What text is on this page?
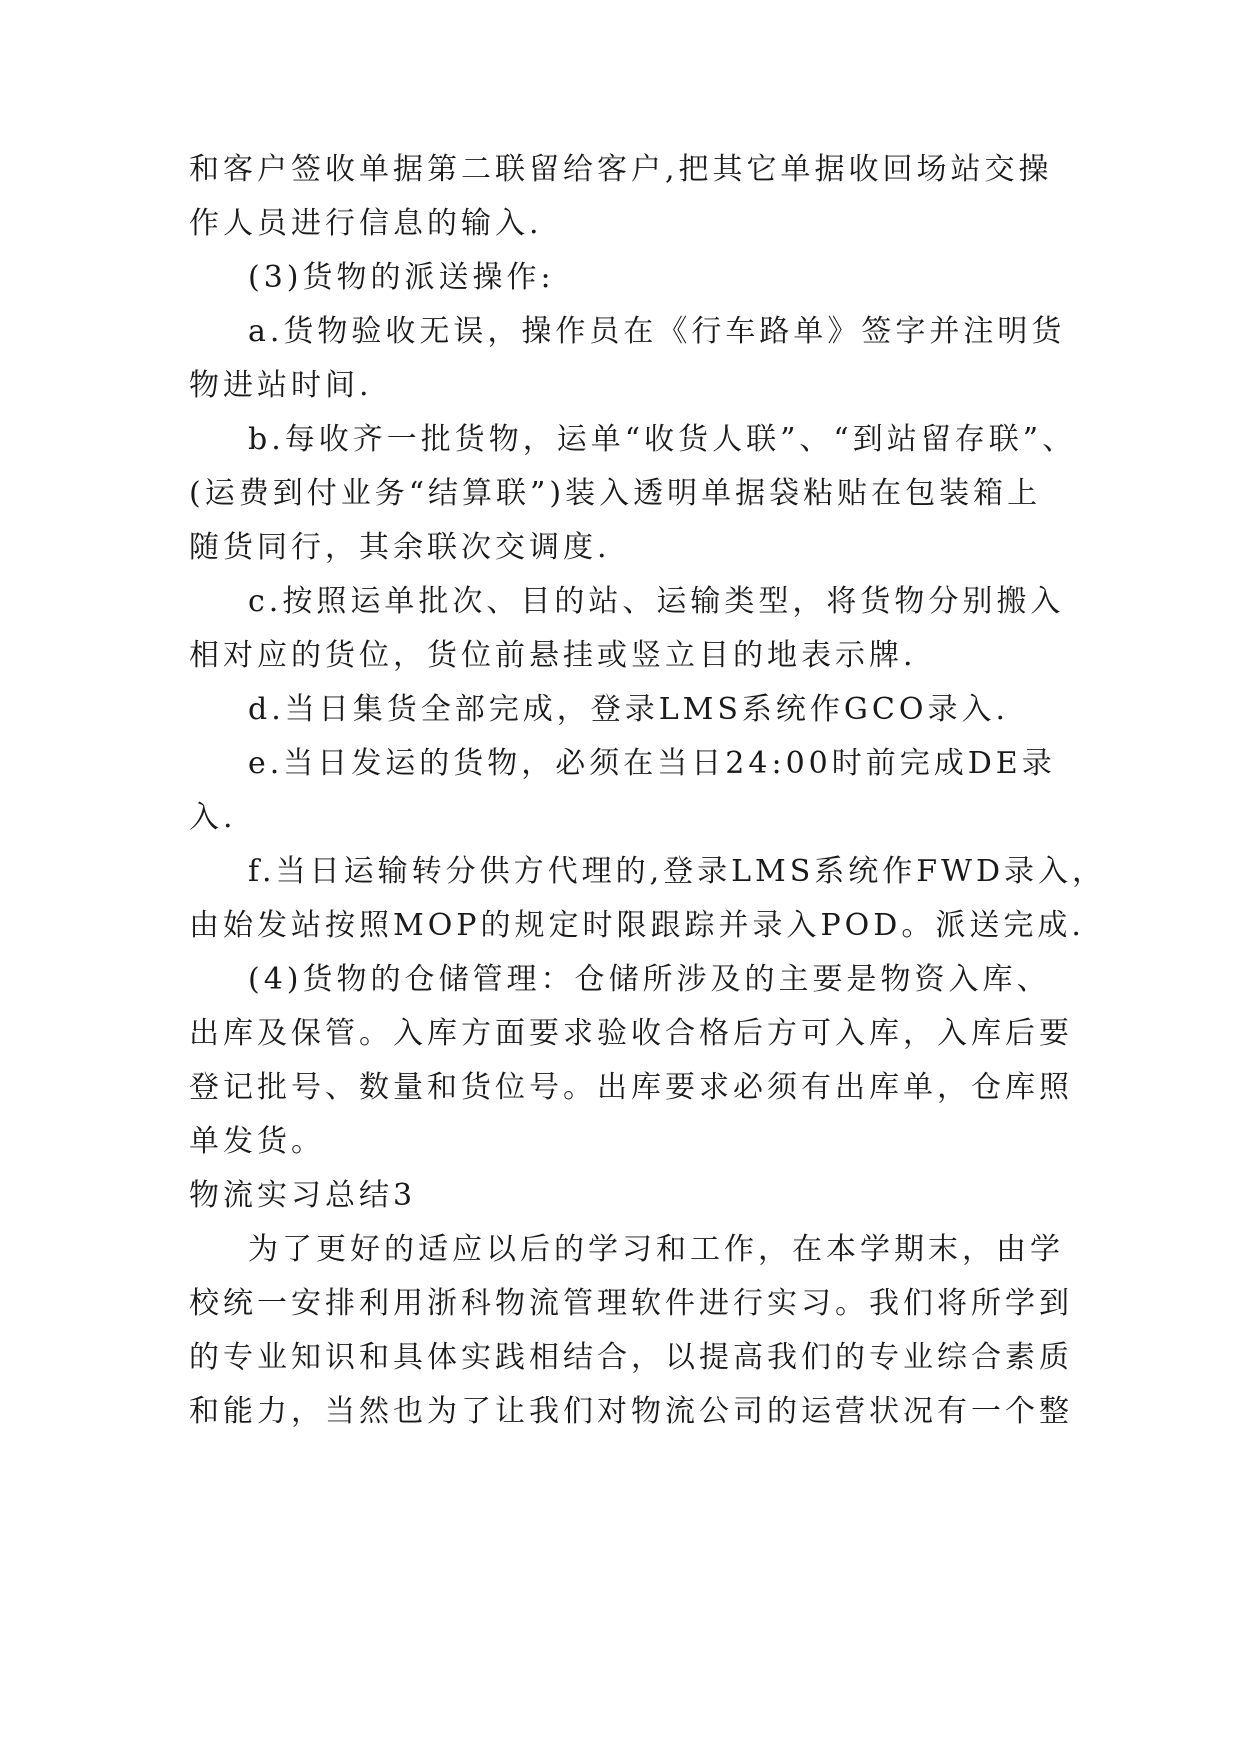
和客户签收单据第二联留给客户,把其它单据收回场站交操
作人员进行信息的输入.
(3)货物的派送操作:
a.货物验收无误，操作员在《行车路单》签字并注明货
物进站时间.
b.每收齐一批货物，运单“收货人联”、“到站留存联”、
(运费到付业务“结算联”)装入透明单据袋粘贴在包装箱上
随货同行，其余联次交调度.
c.按照运单批次、目的站、运输类型，将货物分别搬入
相对应的货位，货位前悬挂或竖立目的地表示牌.
d.当日集货全部完成，登录LMS系统作GCO录入.
e.当日发运的货物，必须在当日24:00时前完成DE录
入.
f.当日运输转分供方代理的,登录LMS系统作FWD录入，
由始发站按照MOP的规定时限跟踪并录入POD。派送完成.
(4)货物的仓储管理：仓储所涉及的主要是物资入库、
出库及保管。入库方面要求验收合格后方可入库，入库后要
登记批号、数量和货位号。出库要求必须有出库单，仓库照
单发货。
物流实习总结3
为了更好的适应以后的学习和工作，在本学期末，由学
校统一安排利用浙科物流管理软件进行实习。我们将所学到
的专业知识和具体实践相结合，以提高我们的专业综合素质
和能力，当然也为了让我们对物流公司的运营状况有一个整
